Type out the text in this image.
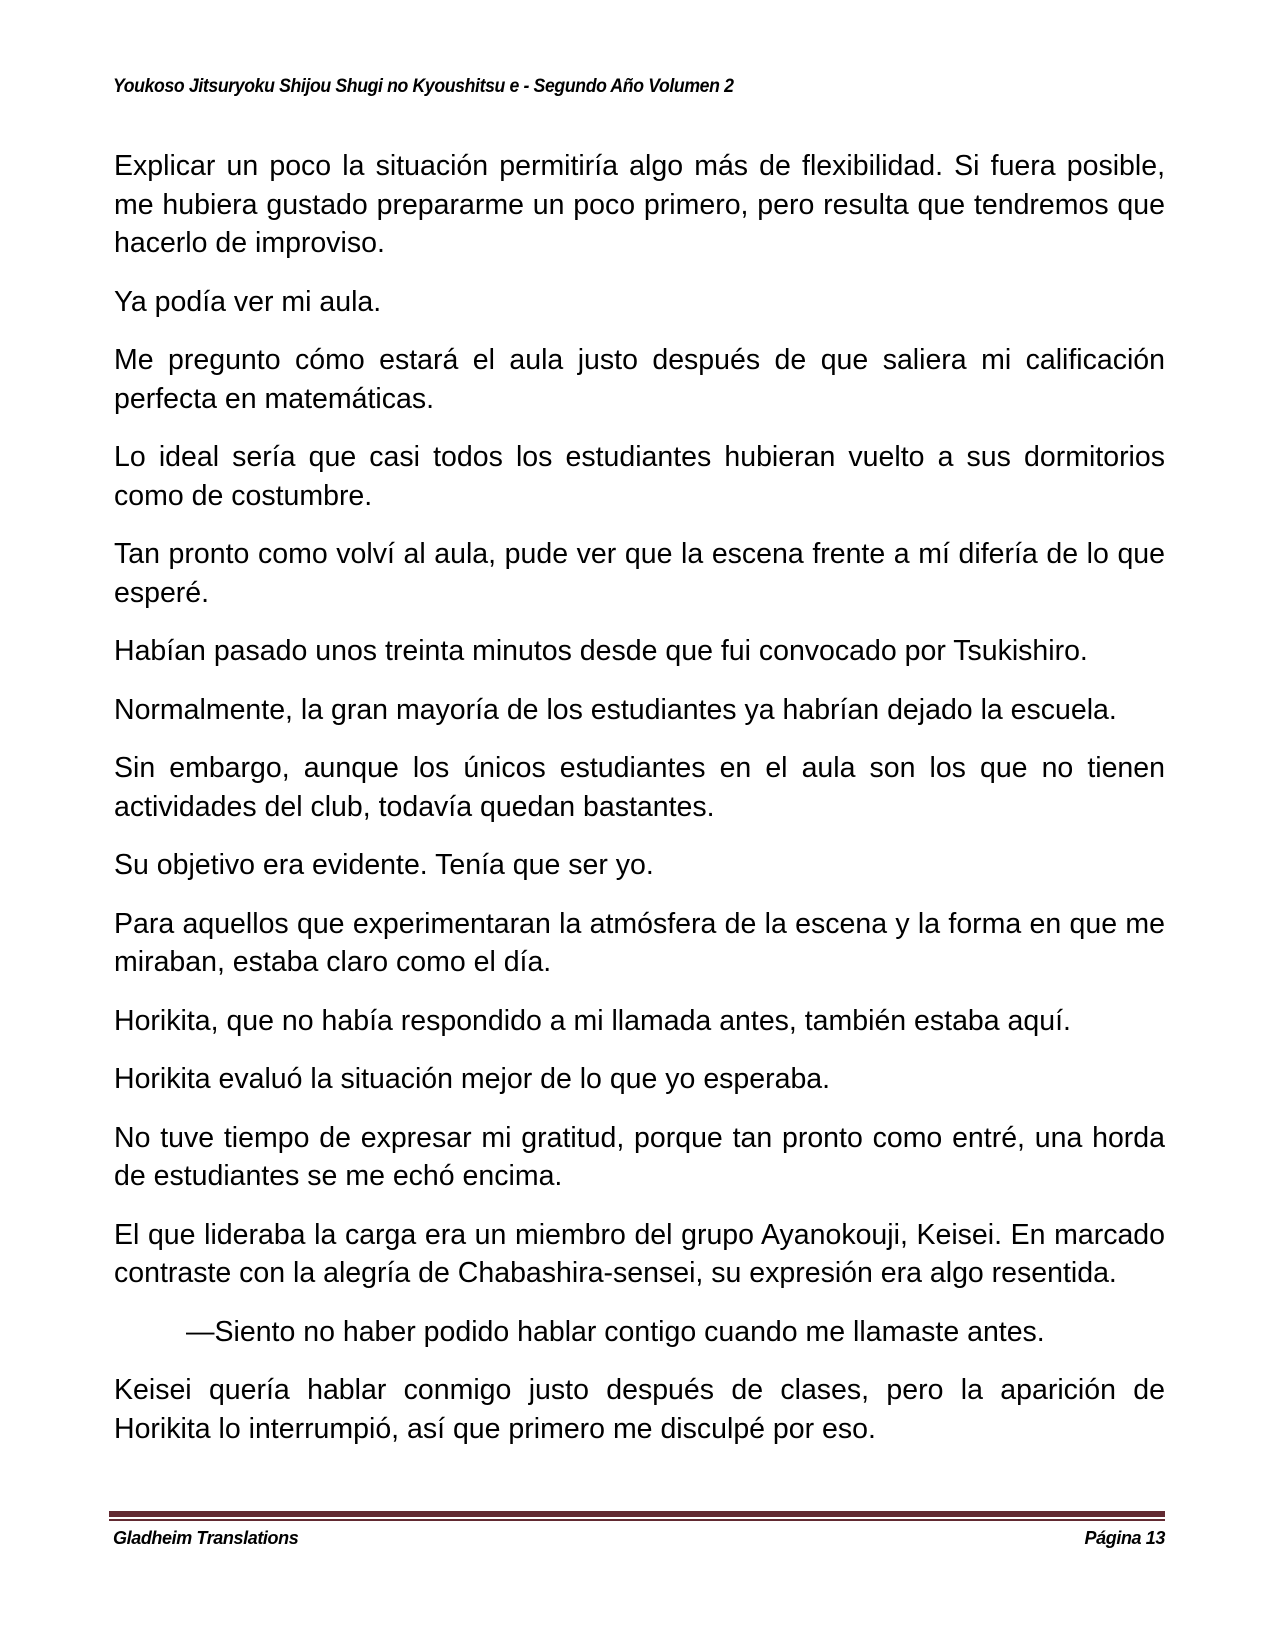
Youkoso Jitsuryoku Shijou Shugi no Kyoushitsu e - Segundo Año Volumen 2

Explicar un poco la situación permitiría algo más de flexibilidad. Si fuera posible, me hubiera gustado prepararme un poco primero, pero resulta que tendremos que hacerlo de improviso.

Ya podía ver mi aula.

Me pregunto cómo estará el aula justo después de que saliera mi calificación perfecta en matemáticas.

Lo ideal sería que casi todos los estudiantes hubieran vuelto a sus dormitorios como de costumbre.

Tan pronto como volví al aula, pude ver que la escena frente a mí difería de lo que esperé.

Habían pasado unos treinta minutos desde que fui convocado por Tsukishiro.

Normalmente, la gran mayoría de los estudiantes ya habrían dejado la escuela.

Sin embargo, aunque los únicos estudiantes en el aula son los que no tienen actividades del club, todavía quedan bastantes.

Su objetivo era evidente. Tenía que ser yo.

Para aquellos que experimentaran la atmósfera de la escena y la forma en que me miraban, estaba claro como el día.

Horikita, que no había respondido a mi llamada antes, también estaba aquí.

Horikita evaluó la situación mejor de lo que yo esperaba.

No tuve tiempo de expresar mi gratitud, porque tan pronto como entré, una horda de estudiantes se me echó encima.

El que lideraba la carga era un miembro del grupo Ayanokouji, Keisei. En marcado contraste con la alegría de Chabashira-sensei, su expresión era algo resentida.

—Siento no haber podido hablar contigo cuando me llamaste antes.

Keisei quería hablar conmigo justo después de clases, pero la aparición de Horikita lo interrumpió, así que primero me disculpé por eso.

Gladheim Translations	Página 13
